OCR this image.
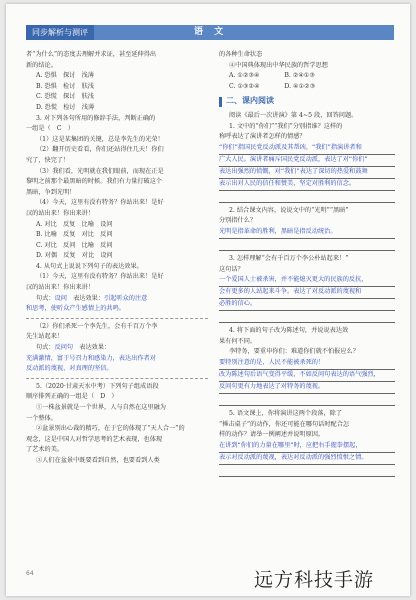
同步解析与测评	语 文

者“为什么”的态度去理解并求证，甚至延伸得出

新的结论。

A. 恐惧　探讨　浅薄

B. 恐惧　检讨　肤浅

C. 恐慌　探讨　肤浅

D. 恐慌　检讨　浅薄

3. 对下列各句所用的修辞手法，判断正确的

一组是（　C　）

（1）这是某集团的关键，总是李先生的光荣！

（2）翻开历史看看，你们还站得住几天！你们

究了，快完了！

（3）我们看，光明就在我们眼前，而现在正是

黎明之前那个最黑暗的时候。我们有力量打破这个

黑暗，争到光明！

（4）今天，这里有没有特务？你站出来！是好

汉的站出来！你出来讲！

A. 对比　反复　比喻　设问

B. 比喻　反复　对比　反问

C. 对比　反问　比喻　反问

D. 对偶　反复　对比　设问

4. 从句式上说说下列句子的表达效果。

（1）今天，这里有没有特务？你站出来！是好

汉的站出来！你出来讲！

句式：设问　表达效果：引起听众的注意

和思考，使听众产生感情上的共鸣。

（2）你们杀死一个李先生，会有千百万个李

先生站起来！

句式：反问句　表达效果：

充满激情，富于号召力和感染力，表达出作者对

反动派的蔑视、对真理的坚信。

5.（2020·甘肃天水中考）下列句子组成语段

顺序排列正确的一组是（　D　）

①一株盆景就是一个世界，人与自然在这里融为

一个整体。

②盆景别出心裁的精巧，在于它的体现了“天人合一”的

观念，这是中国人对哲学思考的艺术表现，也体现

了艺术的美。

③人们在盆景中既要看到自然，也要看到人类

的各种生命状态

④中国典体现出中华民族的哲学思想

A. ①②③④　　　　B. ②④①③

C. ①③②④　　　　D. ④①②③

二、课内阅读

阅读《最后一次讲演》第 4~5 段，回答问题。

1. 文中的“你们”“我们”分别指谁？这样的

称呼表达了演讲者怎样的情感？

“你们”指国民党反动派及其帮凶，“我们”指演讲者和

广大人民。演讲者痛斥国民党反动派，表达了对“你们”

表达出强烈的愤慨，对“我们”表达了深切的热爱和鼓舞

表示出对人民的信任和赞美，坚定对胜利的信念。

2. 结合课文内容，说说文中的“光明”“黑暗”

分别指什么？

光明是指革命的胜利，黑暗是指反动统治。

3. 怎样理解“会有千百万个李公朴站起来！”

这句话？

一个爱国人士被杀害，并不能熄灭更大的民族的反抗，

会有更多的人站起来斗争。表达了对反动派的蔑视和

必胜的信心。

4. 将下面的句子改为陈述句，并说说表达效

果有何不同。

李特务，要重申你们：难道你们就不怕报应么？

要特别注意的是，人民不能被杀死的！

改为陈述句后语气变得平缓，不如反问句表达的语气强烈，

反问句更有力地表达了对特务的蔑视。

5. 语文课上，你将演讲这两个段落，除了

“捶击桌子”的动作，你还可能在哪句话时配合怎

样的动作？请举一例阐述并说明原因。

在讲到“你们的力量在哪里”时，应把右手握拳摆起，

表示对反动派的蔑视，表达对反动派的强烈愤恨之情。

64	远方科技手游
